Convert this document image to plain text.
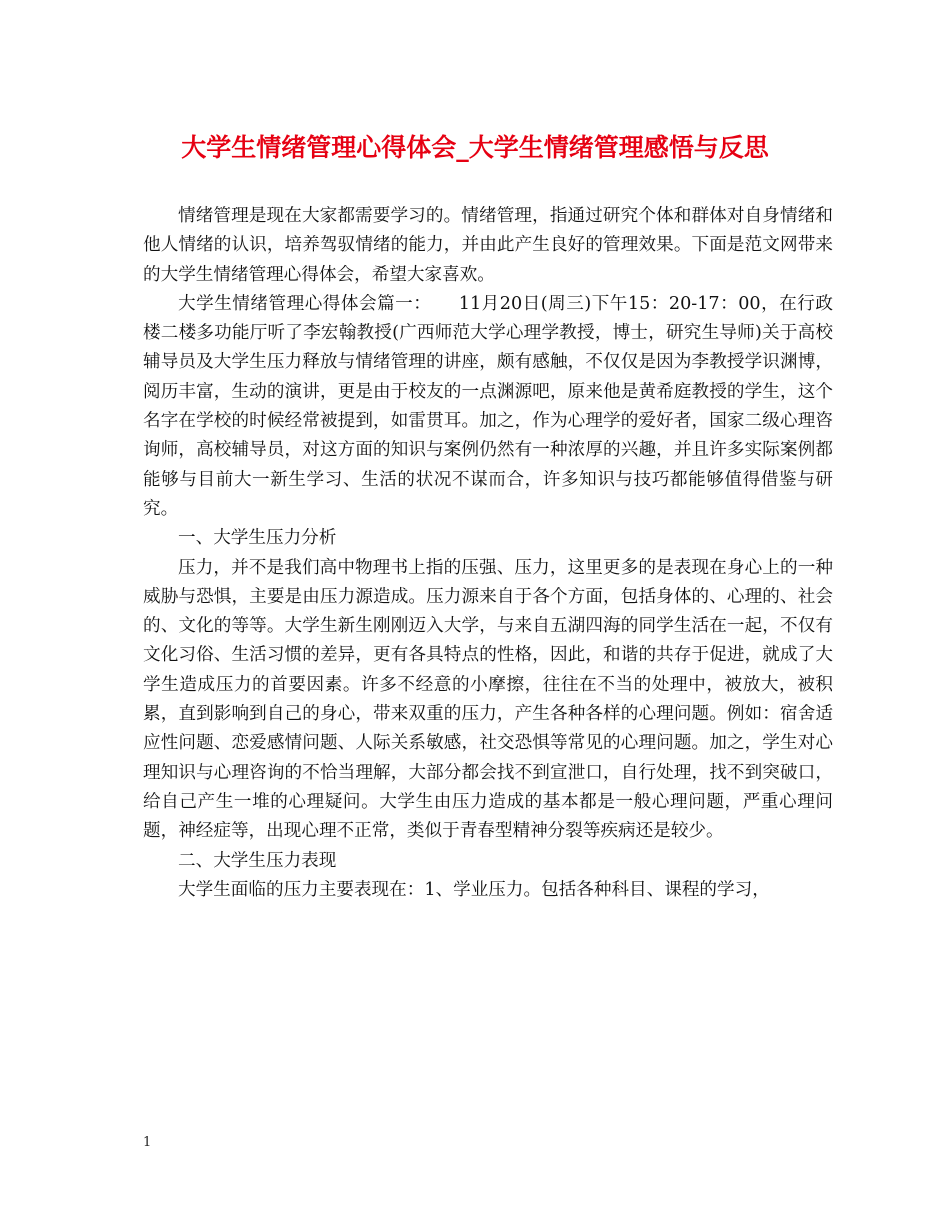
大学生情绪管理心得体会_大学生情绪管理感悟与反思

情绪管理是现在大家都需要学习的。情绪管理，指通过研究个体和群体对自身情绪和他人情绪的认识，培养驾驭情绪的能力，并由此产生良好的管理效果。下面是范文网带来的大学生情绪管理心得体会，希望大家喜欢。

大学生情绪管理心得体会篇一：　　11月20日(周三)下午15：20-17：00，在行政楼二楼多功能厅听了李宏翰教授(广西师范大学心理学教授，博士，研究生导师)关于高校辅导员及大学生压力释放与情绪管理的讲座，颇有感触，不仅仅是因为李教授学识渊博，阅历丰富，生动的演讲，更是由于校友的一点渊源吧，原来他是黄希庭教授的学生，这个名字在学校的时候经常被提到，如雷贯耳。加之，作为心理学的爱好者，国家二级心理咨询师，高校辅导员，对这方面的知识与案例仍然有一种浓厚的兴趣，并且许多实际案例都能够与目前大一新生学习、生活的状况不谋而合，许多知识与技巧都能够值得借鉴与研究。

一、大学生压力分析

压力，并不是我们高中物理书上指的压强、压力，这里更多的是表现在身心上的一种威胁与恐惧，主要是由压力源造成。压力源来自于各个方面，包括身体的、心理的、社会的、文化的等等。大学生新生刚刚迈入大学，与来自五湖四海的同学生活在一起，不仅有文化习俗、生活习惯的差异，更有各具特点的性格，因此，和谐的共存于促进，就成了大学生造成压力的首要因素。许多不经意的小摩擦，往往在不当的处理中，被放大，被积累，直到影响到自己的身心，带来双重的压力，产生各种各样的心理问题。例如：宿舍适应性问题、恋爱感情问题、人际关系敏感，社交恐惧等常见的心理问题。加之，学生对心理知识与心理咨询的不恰当理解，大部分都会找不到宣泄口，自行处理，找不到突破口，给自己产生一堆的心理疑问。大学生由压力造成的基本都是一般心理问题，严重心理问题，神经症等，出现心理不正常，类似于青春型精神分裂等疾病还是较少。

二、大学生压力表现

大学生面临的压力主要表现在：1、学业压力。包括各种科目、课程的学习，

1
